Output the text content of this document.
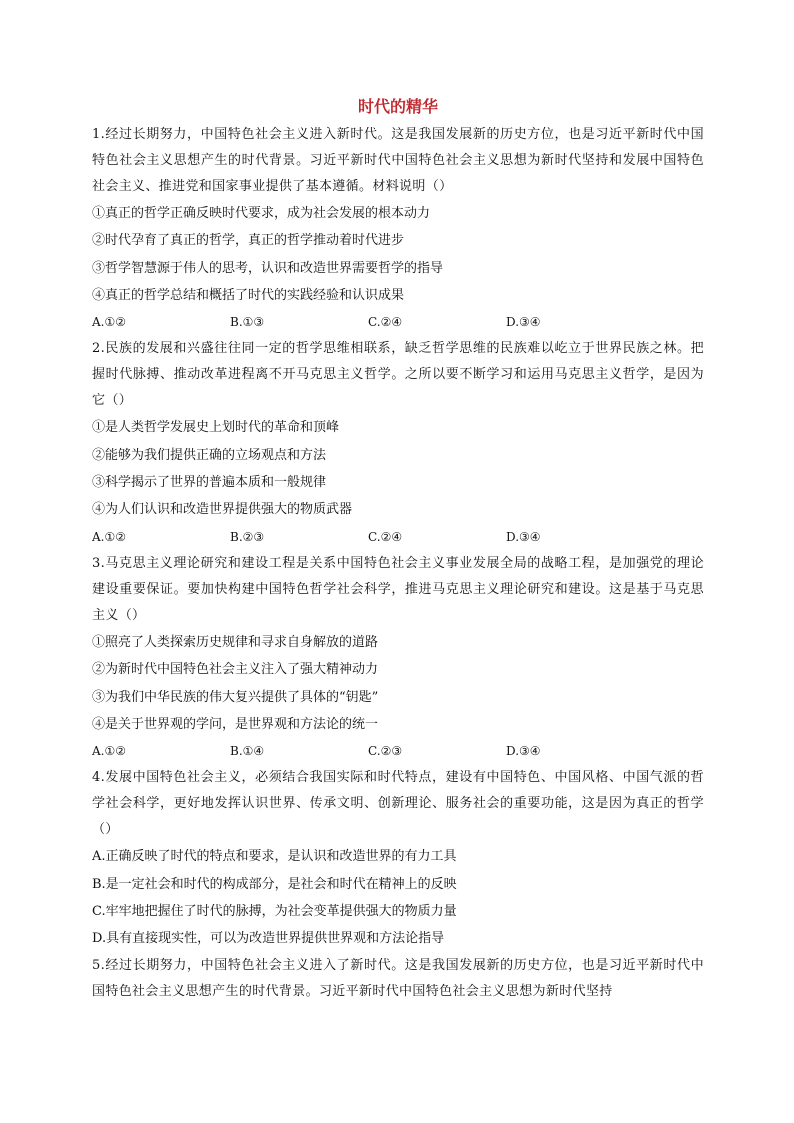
时代的精华
1.经过长期努力，中国特色社会主义进入新时代。这是我国发展新的历史方位，也是习近平新时代中国特色社会主义思想产生的时代背景。习近平新时代中国特色社会主义思想为新时代坚持和发展中国特色社会主义、推进党和国家事业提供了基本遵循。材料说明（）
①真正的哲学正确反映时代要求，成为社会发展的根本动力
②时代孕育了真正的哲学，真正的哲学推动着时代进步
③哲学智慧源于伟人的思考，认识和改造世界需要哲学的指导
④真正的哲学总结和概括了时代的实践经验和认识成果
A.①②	B.①③	C.②④	D.③④
2.民族的发展和兴盛往往同一定的哲学思维相联系，缺乏哲学思维的民族难以屹立于世界民族之林。把握时代脉搏、推动改革进程离不开马克思主义哲学。之所以要不断学习和运用马克思主义哲学，是因为它（）
①是人类哲学发展史上划时代的革命和顶峰
②能够为我们提供正确的立场观点和方法
③科学揭示了世界的普遍本质和一般规律
④为人们认识和改造世界提供强大的物质武器
A.①②	B.②③	C.②④	D.③④
3.马克思主义理论研究和建设工程是关系中国特色社会主义事业发展全局的战略工程，是加强党的理论建设重要保证。要加快构建中国特色哲学社会科学，推进马克思主义理论研究和建设。这是基于马克思主义（）
①照亮了人类探索历史规律和寻求自身解放的道路
②为新时代中国特色社会主义注入了强大精神动力
③为我们中华民族的伟大复兴提供了具体的“钥匙”
④是关于世界观的学问，是世界观和方法论的统一
A.①②	B.①④	C.②③	D.③④
4.发展中国特色社会主义，必须结合我国实际和时代特点，建设有中国特色、中国风格、中国气派的哲学社会科学，更好地发挥认识世界、传承文明、创新理论、服务社会的重要功能，这是因为真正的哲学（）
A.正确反映了时代的特点和要求，是认识和改造世界的有力工具
B.是一定社会和时代的构成部分，是社会和时代在精神上的反映
C.牢牢地把握住了时代的脉搏，为社会变革提供强大的物质力量
D.具有直接现实性，可以为改造世界提供世界观和方法论指导
5.经过长期努力，中国特色社会主义进入了新时代。这是我国发展新的历史方位，也是习近平新时代中国特色社会主义思想产生的时代背景。习近平新时代中国特色社会主义思想为新时代坚持
